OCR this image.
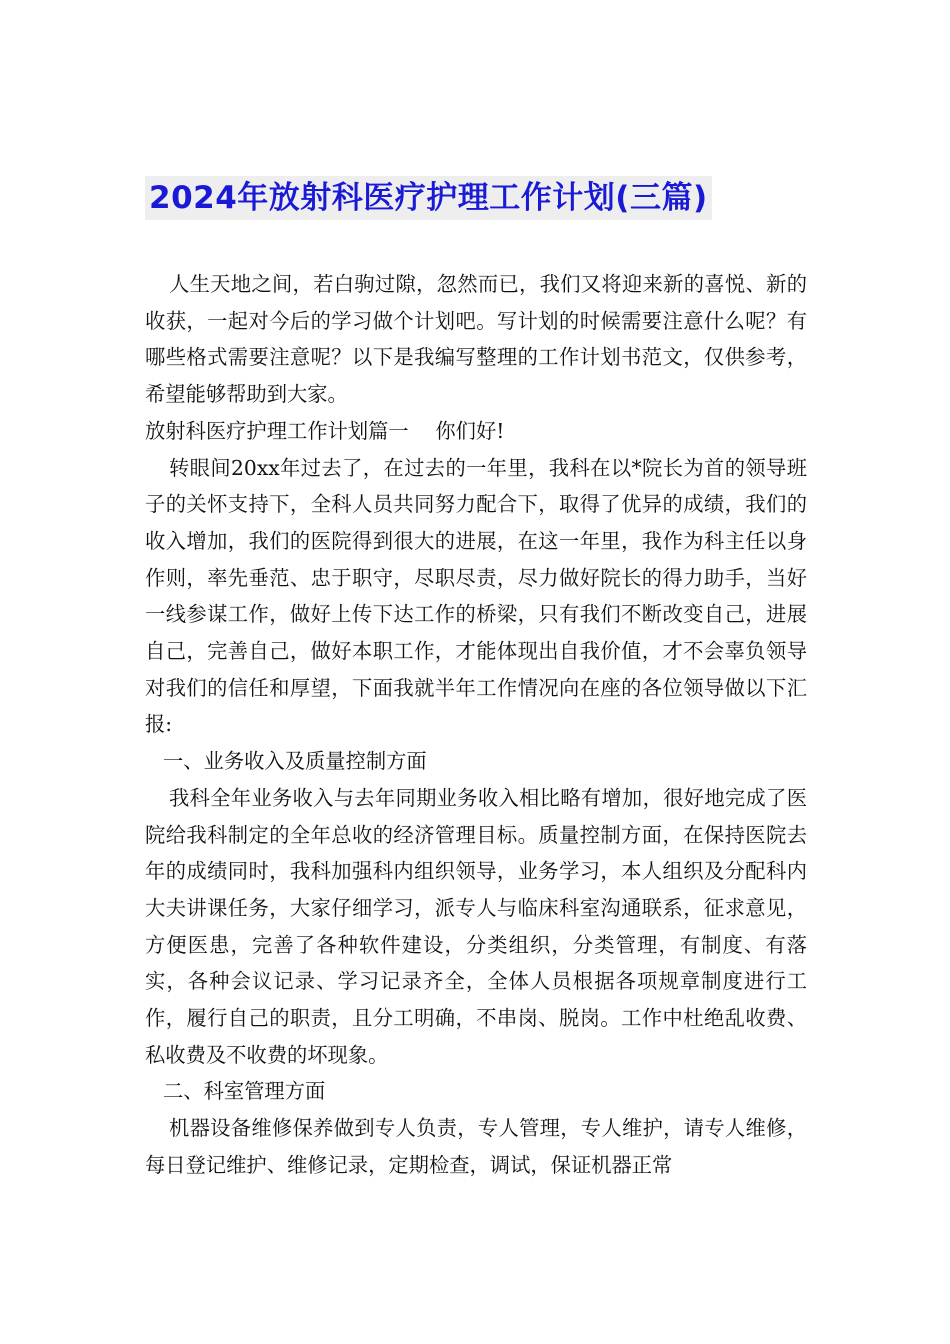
2024年放射科医疗护理工作计划(三篇)

人生天地之间，若白驹过隙，忽然而已，我们又将迎来新的喜悦、新的收获，一起对今后的学习做个计划吧。写计划的时候需要注意什么呢？有哪些格式需要注意呢？以下是我编写整理的工作计划书范文，仅供参考，希望能够帮助到大家。

放射科医疗护理工作计划篇一　 你们好!

转眼间20xx年过去了，在过去的一年里，我科在以*院长为首的领导班子的关怀支持下，全科人员共同努力配合下，取得了优异的成绩，我们的收入增加，我们的医院得到很大的进展，在这一年里，我作为科主任以身作则，率先垂范、忠于职守，尽职尽责，尽力做好院长的得力助手，当好一线参谋工作，做好上传下达工作的桥梁，只有我们不断改变自己，进展自己，完善自己，做好本职工作，才能体现出自我价值，才不会辜负领导对我们的信任和厚望，下面我就半年工作情况向在座的各位领导做以下汇报:

一、业务收入及质量控制方面

我科全年业务收入与去年同期业务收入相比略有增加，很好地完成了医院给我科制定的全年总收的经济管理目标。质量控制方面，在保持医院去年的成绩同时，我科加强科内组织领导，业务学习，本人组织及分配科内大夫讲课任务，大家仔细学习，派专人与临床科室沟通联系，征求意见，方便医患，完善了各种软件建设，分类组织，分类管理，有制度、有落实，各种会议记录、学习记录齐全，全体人员根据各项规章制度进行工作，履行自己的职责，且分工明确，不串岗、脱岗。工作中杜绝乱收费、私收费及不收费的坏现象。

二、科室管理方面

机器设备维修保养做到专人负责，专人管理，专人维护，请专人维修，每日登记维护、维修记录，定期检查，调试，保证机器正常
